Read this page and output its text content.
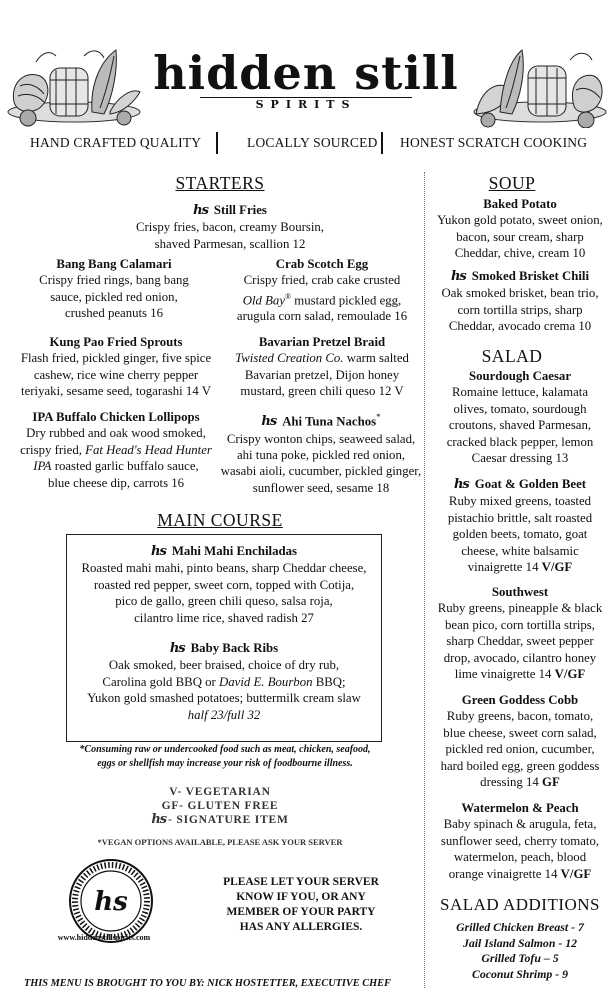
hidden still
SPIRITS
HAND CRAFTED QUALITY	LOCALLY SOURCED HONEST SCRATCH COOKING
STARTERS
hs Still Fries
Crispy fries, bacon, creamy Boursin,
shaved Parmesan, scallion 12
Bang Bang Calamari
Crispy fried rings, bang bang
sauce, pickled red onion,
crushed peanuts 16
Crab Scotch Egg
Crispy fried, crab cake crusted
Old Bay® mustard pickled egg,
arugula corn salad, remoulade 16
Kung Pao Fried Sprouts
Flash fried, pickled ginger, five spice
cashew, rice wine cherry pepper
teriyaki, sesame seed, togarashi 14 V
Bavarian Pretzel Braid
Twisted Creation Co. warm salted
Bavarian pretzel, Dijon honey
mustard, green chili queso 12 V
IPA Buffalo Chicken Lollipops
Dry rubbed and oak wood smoked,
crispy fried, Fat Head's Head Hunter
IPA roasted garlic buffalo sauce,
blue cheese dip, carrots 16
hs Ahi Tuna Nachos*
Crispy wonton chips, seaweed salad,
ahi tuna poke, pickled red onion,
wasabi aioli, cucumber, pickled ginger,
sunflower seed, sesame 18
MAIN COURSE
hs Mahi Mahi Enchiladas
Roasted mahi mahi, pinto beans, sharp Cheddar cheese,
roasted red pepper, sweet corn, topped with Cotija,
pico de gallo, green chili queso, salsa roja,
cilantro lime rice, shaved radish 27
hs Baby Back Ribs
Oak smoked, beer braised, choice of dry rub,
Carolina gold BBQ or David E. Bourbon BBQ;
Yukon gold smashed potatoes; buttermilk cream slaw
half 23/full 32
*Consuming raw or undercooked food such as meat, chicken, seafood,
eggs or shellfish may increase your risk of foodbourne illness.
V- VEGETARIAN
GF- GLUTEN FREE
hs - SIGNATURE ITEM
*VEGAN OPTIONS AVAILABLE, PLEASE ASK YOUR SERVER
hs
www.hiddenstillspirits.com
PLEASE LET YOUR SERVER
KNOW IF YOU, OR ANY
MEMBER OF YOUR PARTY
HAS ANY ALLERGIES.
THIS MENU IS BROUGHT TO YOU BY: NICK HOSTETTER, EXECUTIVE CHEF
SOUP
Baked Potato
Yukon gold potato, sweet onion,
bacon, sour cream, sharp
Cheddar, chive, cream 10
hs Smoked Brisket Chili
Oak smoked brisket, bean trio,
corn tortilla strips, sharp
Cheddar, avocado crema 10
SALAD
Sourdough Caesar
Romaine lettuce, kalamata
olives, tomato, sourdough
croutons, shaved Parmesan,
cracked black pepper, lemon
Caesar dressing 13
hs Goat & Golden Beet
Ruby mixed greens, toasted
pistachio brittle, salt roasted
golden beets, tomato, goat
cheese, white balsamic
vinaigrette 14 V/GF
Southwest
Ruby greens, pineapple & black
bean pico, corn tortilla strips,
sharp Cheddar, sweet pepper
drop, avocado, cilantro honey
lime vinaigrette 14 V/GF
Green Goddess Cobb
Ruby greens, bacon, tomato,
blue cheese, sweet corn salad,
pickled red onion, cucumber,
hard boiled egg, green goddess
dressing 14 GF
Watermelon & Peach
Baby spinach & arugula, feta,
sunflower seed, cherry tomato,
watermelon, peach, blood
orange vinaigrette 14 V/GF
SALAD ADDITIONS
Grilled Chicken Breast - 7
Jail Island Salmon - 12
Grilled Tofu – 5
Coconut Shrimp - 9
